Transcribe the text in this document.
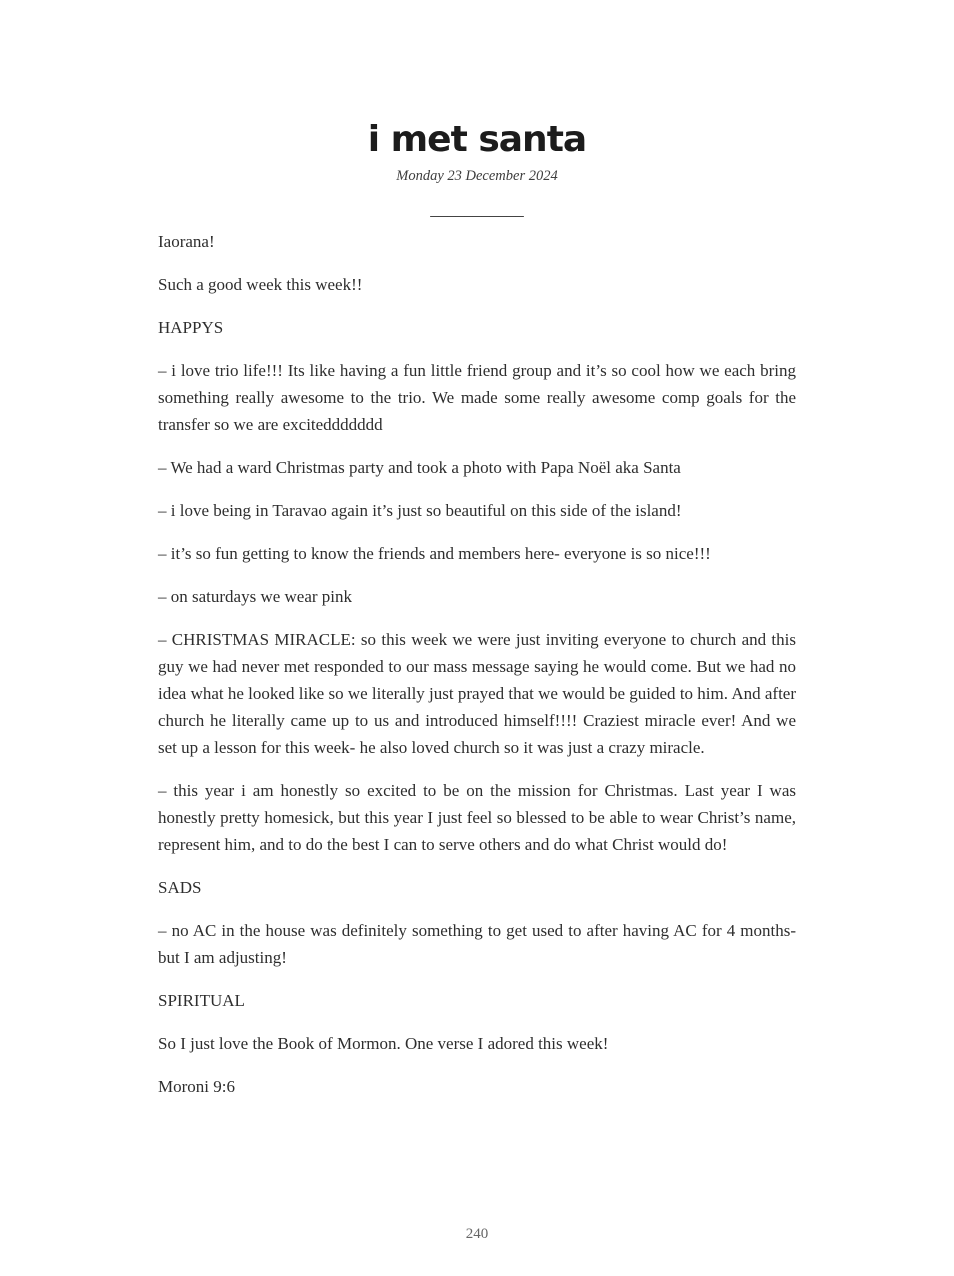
i met santa
Monday 23 December 2024
___________

Iaorana!

Such a good week this week!!

HAPPYS

– i love trio life!!! Its like having a fun little friend group and it’s so cool how we each bring something really awesome to the trio. We made some really awesome comp goals for the transfer so we are exciteddddddd

– We had a ward Christmas party and took a photo with Papa Noël aka Santa

– i love being in Taravao again it’s just so beautiful on this side of the island!

– it’s so fun getting to know the friends and members here- everyone is so nice!!!

– on saturdays we wear pink

– CHRISTMAS MIRACLE: so this week we were just inviting everyone to church and this guy we had never met responded to our mass message saying he would come. But we had no idea what he looked like so we literally just prayed that we would be guided to him. And after church he literally came up to us and introduced himself!!!! Craziest miracle ever! And we set up a lesson for this week- he also loved church so it was just a crazy miracle.

– this year i am honestly so excited to be on the mission for Christmas. Last year I was honestly pretty homesick, but this year I just feel so blessed to be able to wear Christ’s name, represent him, and to do the best I can to serve others and do what Christ would do!

SADS

– no AC in the house was definitely something to get used to after having AC for 4 months- but I am adjusting!

SPIRITUAL

So I just love the Book of Mormon. One verse I adored this week!

Moroni 9:6

240
